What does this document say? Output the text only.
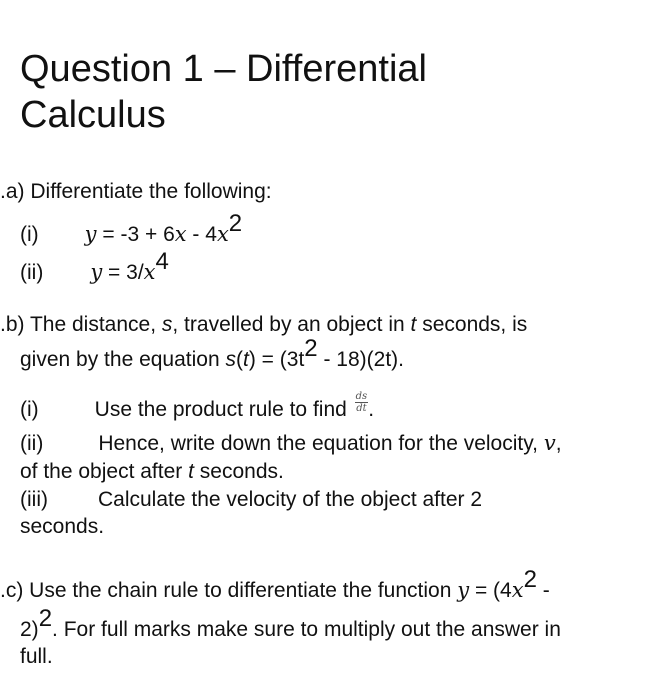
Question 1 – Differential
Calculus
.a) Differentiate the following:
(i) y = -3 + 6x - 4x2
(ii) y = 3/x4
.b) The distance, s, travelled by an object in t seconds, is
given by the equation s(t) = (3t2 - 18)(2t).
(i)	Use the product rule to find $\frac{ds}{dt}$ .
(ii)	Hence, write down the equation for the velocity, v,
of the object after t seconds.
(iii) Calculate the velocity of the object after 2
seconds.
.c) Use the chain rule to differentiate the function y = (4x2 -
2)2. For full marks make sure to multiply out the answer in
full.
